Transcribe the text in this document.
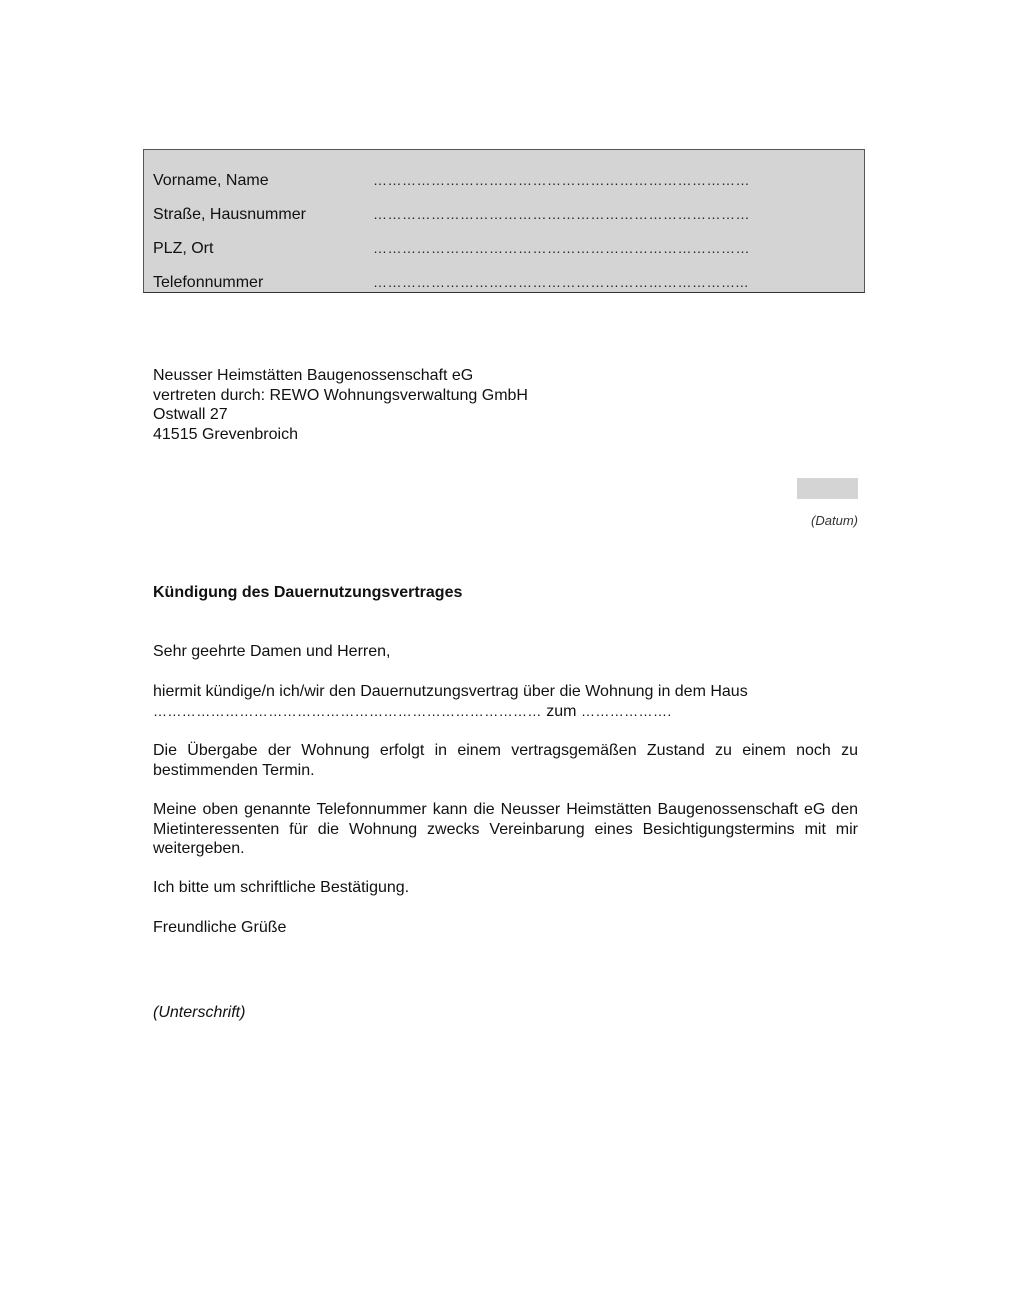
Vorname, Name	……………………………………………………………………
Straße, Hausnummer	……………………………………………………………………
PLZ, Ort	……………………………………………………………………
Telefonnummer	…………………………………………………………………...
Neusser Heimstätten Baugenossenschaft eG
vertreten durch: REWO Wohnungsverwaltung GmbH
Ostwall 27
41515 Grevenbroich
(Datum)
Kündigung des Dauernutzungsvertrages
Sehr geehrte Damen und Herren,
hiermit kündige/n ich/wir den Dauernutzungsvertrag über die Wohnung in dem Haus
……………………………………………………………………… zum ……………….
Die Übergabe der Wohnung erfolgt in einem vertragsgemäßen Zustand zu einem noch zu bestimmenden Termin.
Meine oben genannte Telefonnummer kann die Neusser Heimstätten Baugenossenschaft eG den Mietinteressenten für die Wohnung zwecks Vereinbarung eines Besichtigungstermins mit mir weitergeben.
Ich bitte um schriftliche Bestätigung.
Freundliche Grüße
(Unterschrift)
